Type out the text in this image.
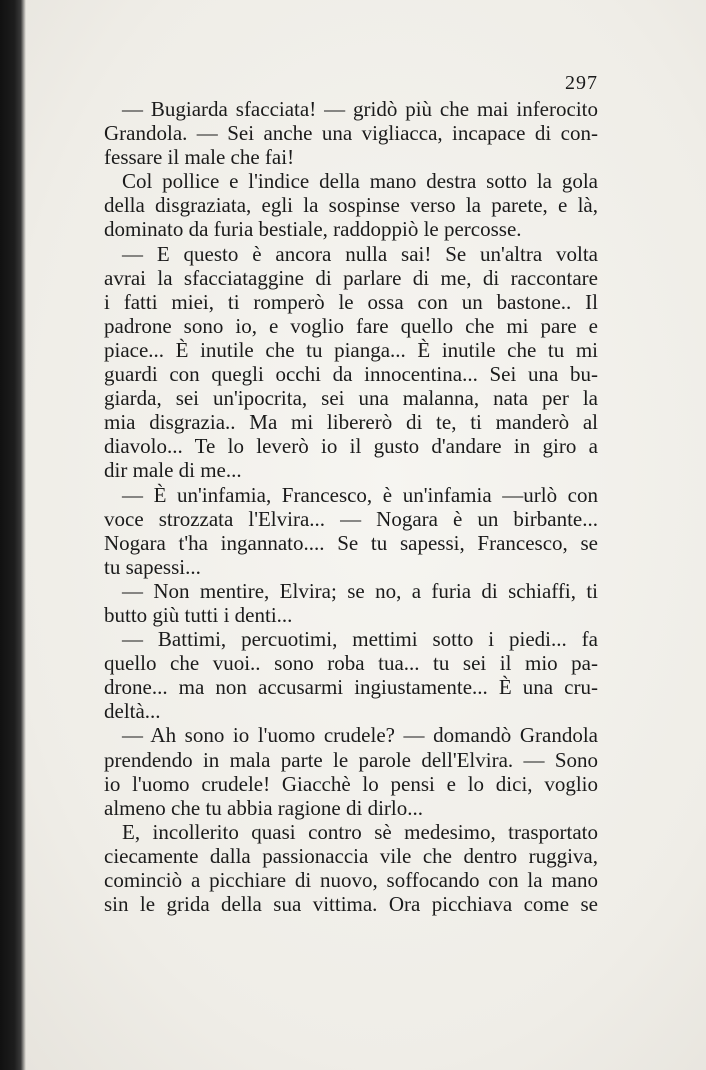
297
— Bugiarda sfacciata! — gridò più che mai inferocito
Grandola. — Sei anche una vigliacca, incapace di con-
fessare il male che fai!
Col pollice e l'indice della mano destra sotto la gola
della disgraziata, egli la sospinse verso la parete, e là,
dominato da furia bestiale, raddoppiò le percosse.
— E questo è ancora nulla sai! Se un'altra volta
avrai la sfacciataggine di parlare di me, di raccontare
i fatti miei, ti romperò le ossa con un bastone.. Il
padrone sono io, e voglio fare quello che mi pare e
piace... È inutile che tu pianga... È inutile che tu mi
guardi con quegli occhi da innocentina... Sei una bu-
giarda, sei un'ipocrita, sei una malanna, nata per la
mia disgrazia.. Ma mi libererò di te, ti manderò al
diavolo... Te lo leverò io il gusto d'andare in giro a
dir male di me...
— È un'infamia, Francesco, è un'infamia —urlò con
voce strozzata l'Elvira... — Nogara è un birbante...
Nogara t'ha ingannato.... Se tu sapessi, Francesco, se
tu sapessi...
— Non mentire, Elvira; se no, a furia di schiaffi, ti
butto giù tutti i denti...
— Battimi, percuotimi, mettimi sotto i piedi... fa
quello che vuoi.. sono roba tua... tu sei il mio pa-
drone... ma non accusarmi ingiustamente... È una cru-
deltà...
— Ah sono io l'uomo crudele? — domandò Grandola
prendendo in mala parte le parole dell'Elvira. — Sono
io l'uomo crudele! Giacchè lo pensi e lo dici, voglio
almeno che tu abbia ragione di dirlo...
E, incollerito quasi contro sè medesimo, trasportato
ciecamente dalla passionaccia vile che dentro ruggiva,
cominciò a picchiare di nuovo, soffocando con la mano
sin le grida della sua vittima. Ora picchiava come se
